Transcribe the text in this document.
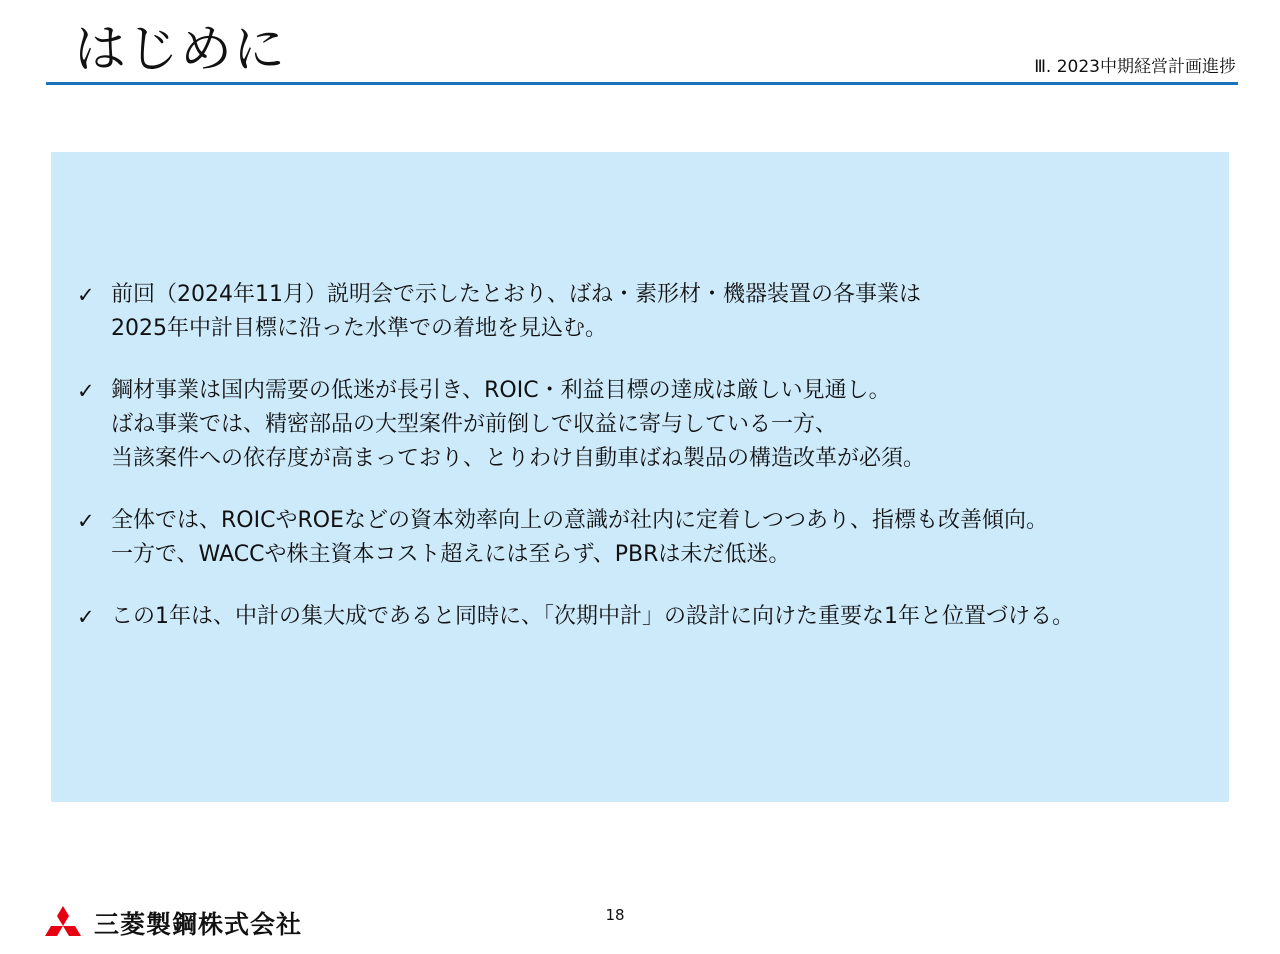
はじめに	Ⅲ. 2023中期経営計画進捗
✓ 前回（2024年11月）説明会で示したとおり、ばね・素形材・機器装置の各事業は
2025年中計目標に沿った水準での着地を見込む。
✓ 鋼材事業は国内需要の低迷が長引き、ROIC・利益目標の達成は厳しい見通し。
ばね事業では、精密部品の大型案件が前倒しで収益に寄与している一方、
当該案件への依存度が高まっており、とりわけ自動車ばね製品の構造改革が必須。
✓ 全体では、ROICやROEなどの資本効率向上の意識が社内に定着しつつあり、指標も改善傾向。
一方で、WACCや株主資本コスト超えには至らず、PBRは未だ低迷。
✓ この1年は、中計の集大成であると同時に、「次期中計」の設計に向けた重要な1年と位置づける。
18
三菱製鋼株式会社
